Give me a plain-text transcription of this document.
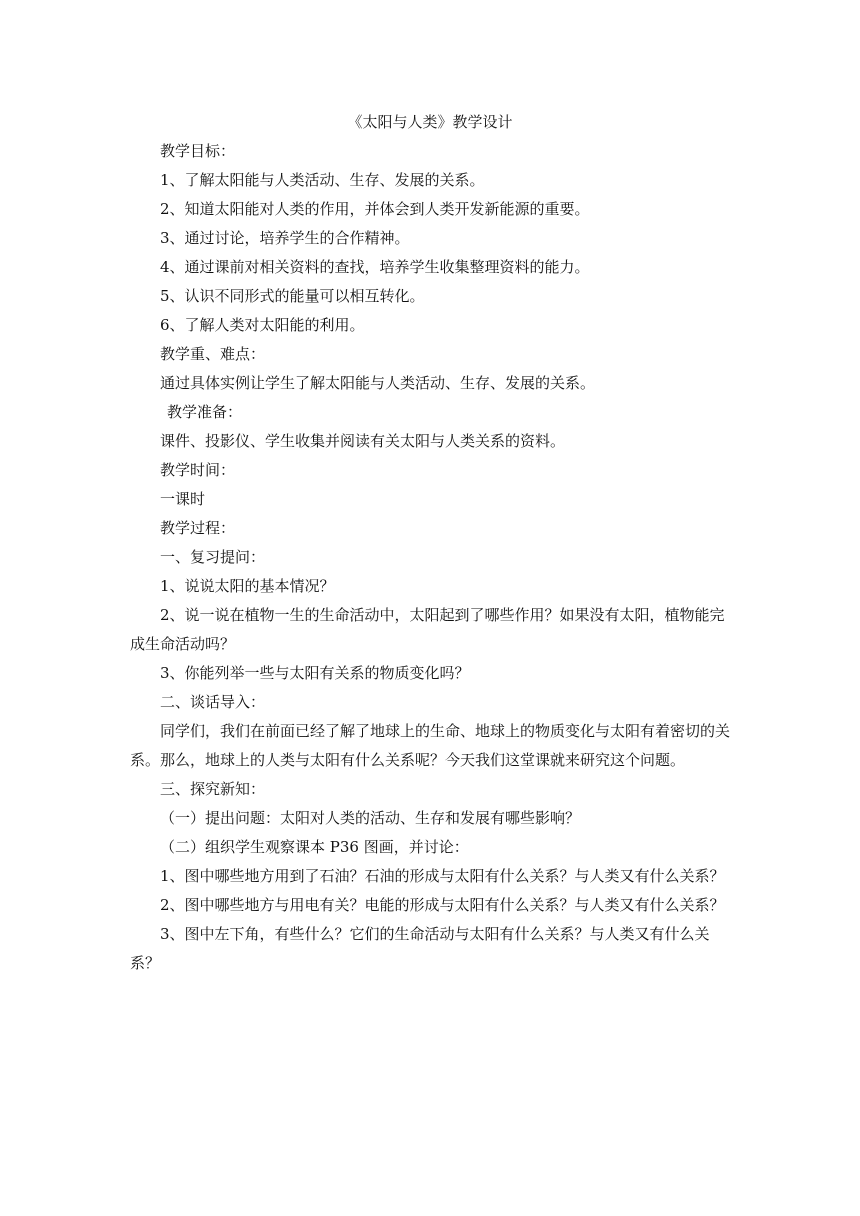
《太阳与人类》教学设计

教学目标：

1、了解太阳能与人类活动、生存、发展的关系。

2、知道太阳能对人类的作用，并体会到人类开发新能源的重要。

3、通过讨论，培养学生的合作精神。

4、通过课前对相关资料的查找，培养学生收集整理资料的能力。

5、认识不同形式的能量可以相互转化。

6、了解人类对太阳能的利用。

教学重、难点：

通过具体实例让学生了解太阳能与人类活动、生存、发展的关系。

教学准备：

课件、投影仪、学生收集并阅读有关太阳与人类关系的资料。

教学时间：

一课时

教学过程：

一、复习提问：

1、说说太阳的基本情况？

2、说一说在植物一生的生命活动中，太阳起到了哪些作用？如果没有太阳，植物能完成生命活动吗？

3、你能列举一些与太阳有关系的物质变化吗？

二、谈话导入：

同学们，我们在前面已经了解了地球上的生命、地球上的物质变化与太阳有着密切的关系。那么，地球上的人类与太阳有什么关系呢？今天我们这堂课就来研究这个问题。

三、探究新知：

（一）提出问题：太阳对人类的活动、生存和发展有哪些影响？

（二）组织学生观察课本 P36 图画，并讨论：

1、图中哪些地方用到了石油？石油的形成与太阳有什么关系？与人类又有什么关系？

2、图中哪些地方与用电有关？电能的形成与太阳有什么关系？与人类又有什么关系？

3、图中左下角，有些什么？它们的生命活动与太阳有什么关系？与人类又有什么关系？
